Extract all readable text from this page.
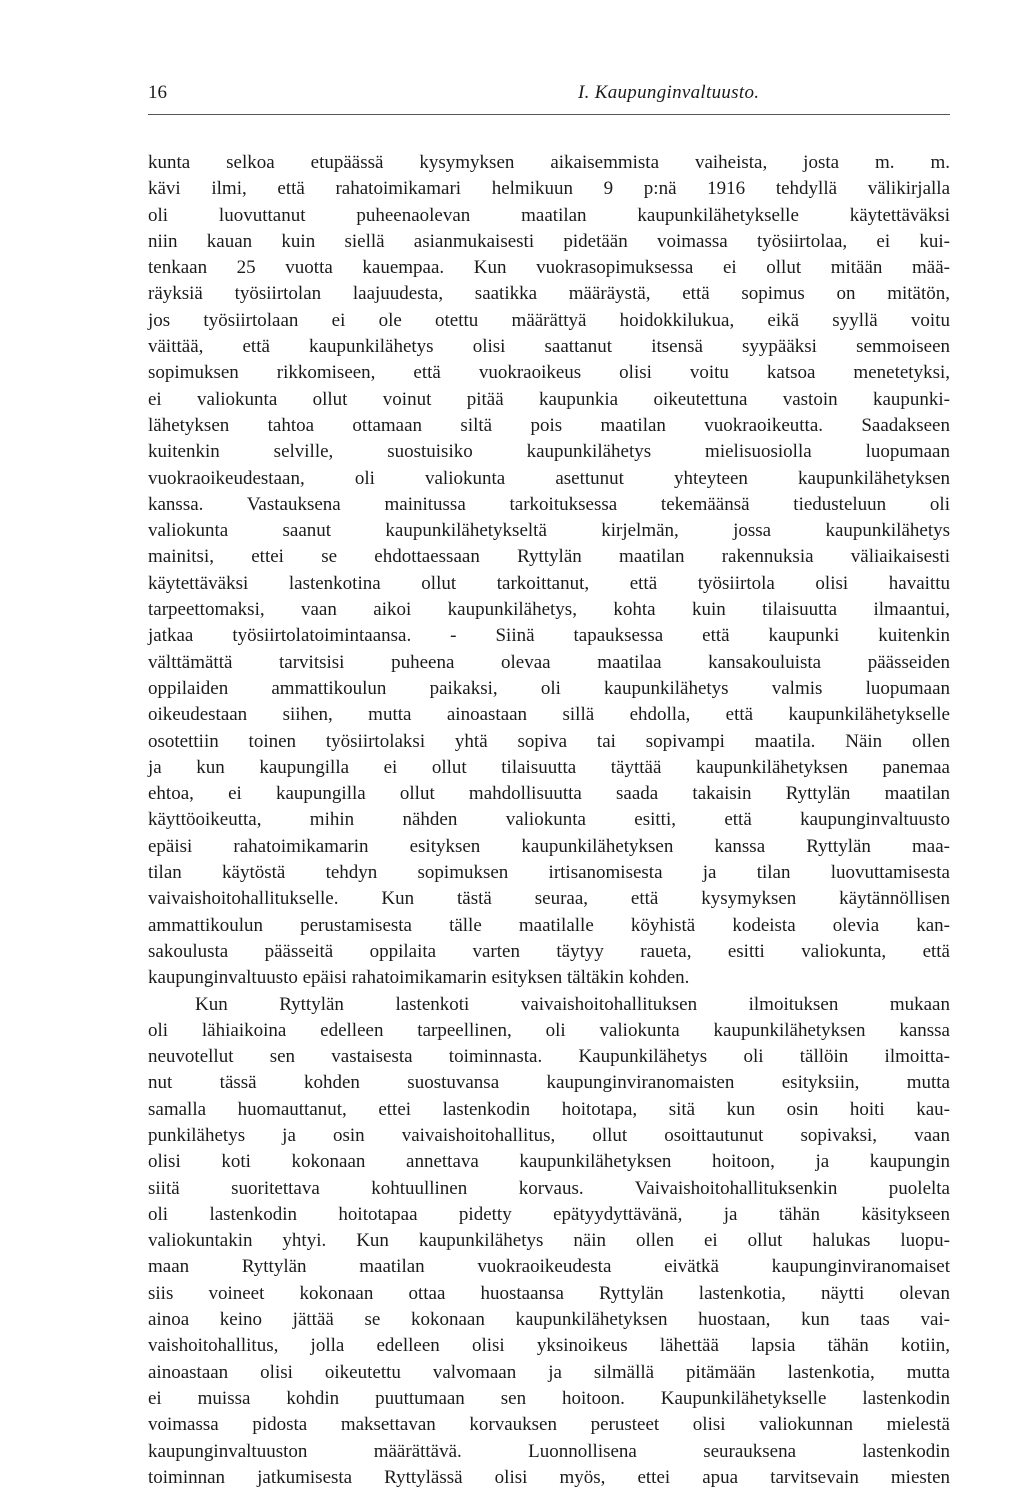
16	I. Kaupunginvaltuusto.
kunta selkoa etupäässä kysymyksen aikaisemmista vaiheista, josta m. m.
kävi ilmi, että rahatoimikamari helmikuun 9 p:nä 1916 tehdyllä välikirjalla
oli luovuttanut puheenaolevan maatilan kaupunkilähetykselle käytettäväksi
niin kauan kuin siellä asianmukaisesti pidetään voimassa työsiirtolaa, ei kui-
tenkaan 25 vuotta kauempaa. Kun vuokrasopimuksessa ei ollut mitään mää-
räyksiä työsiirtolan laajuudesta, saatikka määräystä, että sopimus on mitätön,
jos työsiirtolaan ei ole otettu määrättyä hoidokkilukua, eikä syyllä voitu
väittää, että kaupunkilähetys olisi saattanut itsensä syypääksi semmoiseen
sopimuksen rikkomiseen, että vuokraoikeus olisi voitu katsoa menetetyksi,
ei valiokunta ollut voinut pitää kaupunkia oikeutettuna vastoin kaupunki-
lähetyksen tahtoa ottamaan siltä pois maatilan vuokraoikeutta. Saadakseen
kuitenkin selville, suostuisiko kaupunkilähetys mielisuosiolla luopumaan
vuokraoikeudestaan, oli valiokunta asettunut yhteyteen kaupunkilähetyksen
kanssa. Vastauksena mainitussa tarkoituksessa tekemäänsä tiedusteluun oli
valiokunta saanut kaupunkilähetykseltä kirjelmän, jossa kaupunkilähetys
mainitsi, ettei se ehdottaessaan Ryttylän maatilan rakennuksia väliaikaisesti
käytettäväksi lastenkotina ollut tarkoittanut, että työsiirtola olisi havaittu
tarpeettomaksi, vaan aikoi kaupunkilähetys, kohta kuin tilaisuutta ilmaantui,
jatkaa työsiirtolatoimintaansa. - Siinä tapauksessa että kaupunki kuitenkin
välttämättä tarvitsisi puheena olevaa maatilaa kansakouluista päässeiden
oppilaiden ammattikoulun paikaksi, oli kaupunkilähetys valmis luopumaan
oikeudestaan siihen, mutta ainoastaan sillä ehdolla, että kaupunkilähetykselle
osotettiin toinen työsiirtolaksi yhtä sopiva tai sopivampi maatila. Näin ollen
ja kun kaupungilla ei ollut tilaisuutta täyttää kaupunkilähetyksen panemaa
ehtoa, ei kaupungilla ollut mahdollisuutta saada takaisin Ryttylän maatilan
käyttöoikeutta, mihin nähden valiokunta esitti, että kaupunginvaltuusto
epäisi rahatoimikamarin esityksen kaupunkilähetyksen kanssa Ryttylän maa-
tilan käytöstä tehdyn sopimuksen irtisanomisesta ja tilan luovuttamisesta
vaivaishoitohallitukselle. Kun tästä seuraa, että kysymyksen käytännöllisen
ammattikoulun perustamisesta tälle maatilalle köyhistä kodeista olevia kan-
sakoulusta päässeitä oppilaita varten täytyy raueta, esitti valiokunta, että
kaupunginvaltuusto epäisi rahatoimikamarin esityksen tältäkin kohden.
Kun Ryttylän lastenkoti vaivaishoitohallituksen ilmoituksen mukaan
oli lähiaikoina edelleen tarpeellinen, oli valiokunta kaupunkilähetyksen kanssa
neuvotellut sen vastaisesta toiminnasta. Kaupunkilähetys oli tällöin ilmoitta-
nut tässä kohden suostuvansa kaupunginviranomaisten esityksiin, mutta
samalla huomauttanut, ettei lastenkodin hoitotapa, sitä kun osin hoiti kau-
punkilähetys ja osin vaivaishoitohallitus, ollut osoittautunut sopivaksi, vaan
olisi koti kokonaan annettava kaupunkilähetyksen hoitoon, ja kaupungin
siitä suoritettava kohtuullinen korvaus. Vaivaishoitohallituksenkin puolelta
oli lastenkodin hoitotapaa pidetty epätyydyttävänä, ja tähän käsitykseen
valiokuntakin yhtyi. Kun kaupunkilähetys näin ollen ei ollut halukas luopu-
maan Ryttylän maatilan vuokraoikeudesta eivätkä kaupunginviranomaiset
siis voineet kokonaan ottaa huostaansa Ryttylän lastenkotia, näytti olevan
ainoa keino jättää se kokonaan kaupunkilähetyksen huostaan, kun taas vai-
vaishoitohallitus, jolla edelleen olisi yksinoikeus lähettää lapsia tähän kotiin,
ainoastaan olisi oikeutettu valvomaan ja silmällä pitämään lastenkotia, mutta
ei muissa kohdin puuttumaan sen hoitoon. Kaupunkilähetykselle lastenkodin
voimassa pidosta maksettavan korvauksen perusteet olisi valiokunnan mielestä
kaupunginvaltuuston määrättävä. Luonnollisena seurauksena lastenkodin
toiminnan jatkumisesta Ryttylässä olisi myös, ettei apua tarvitsevain miesten
